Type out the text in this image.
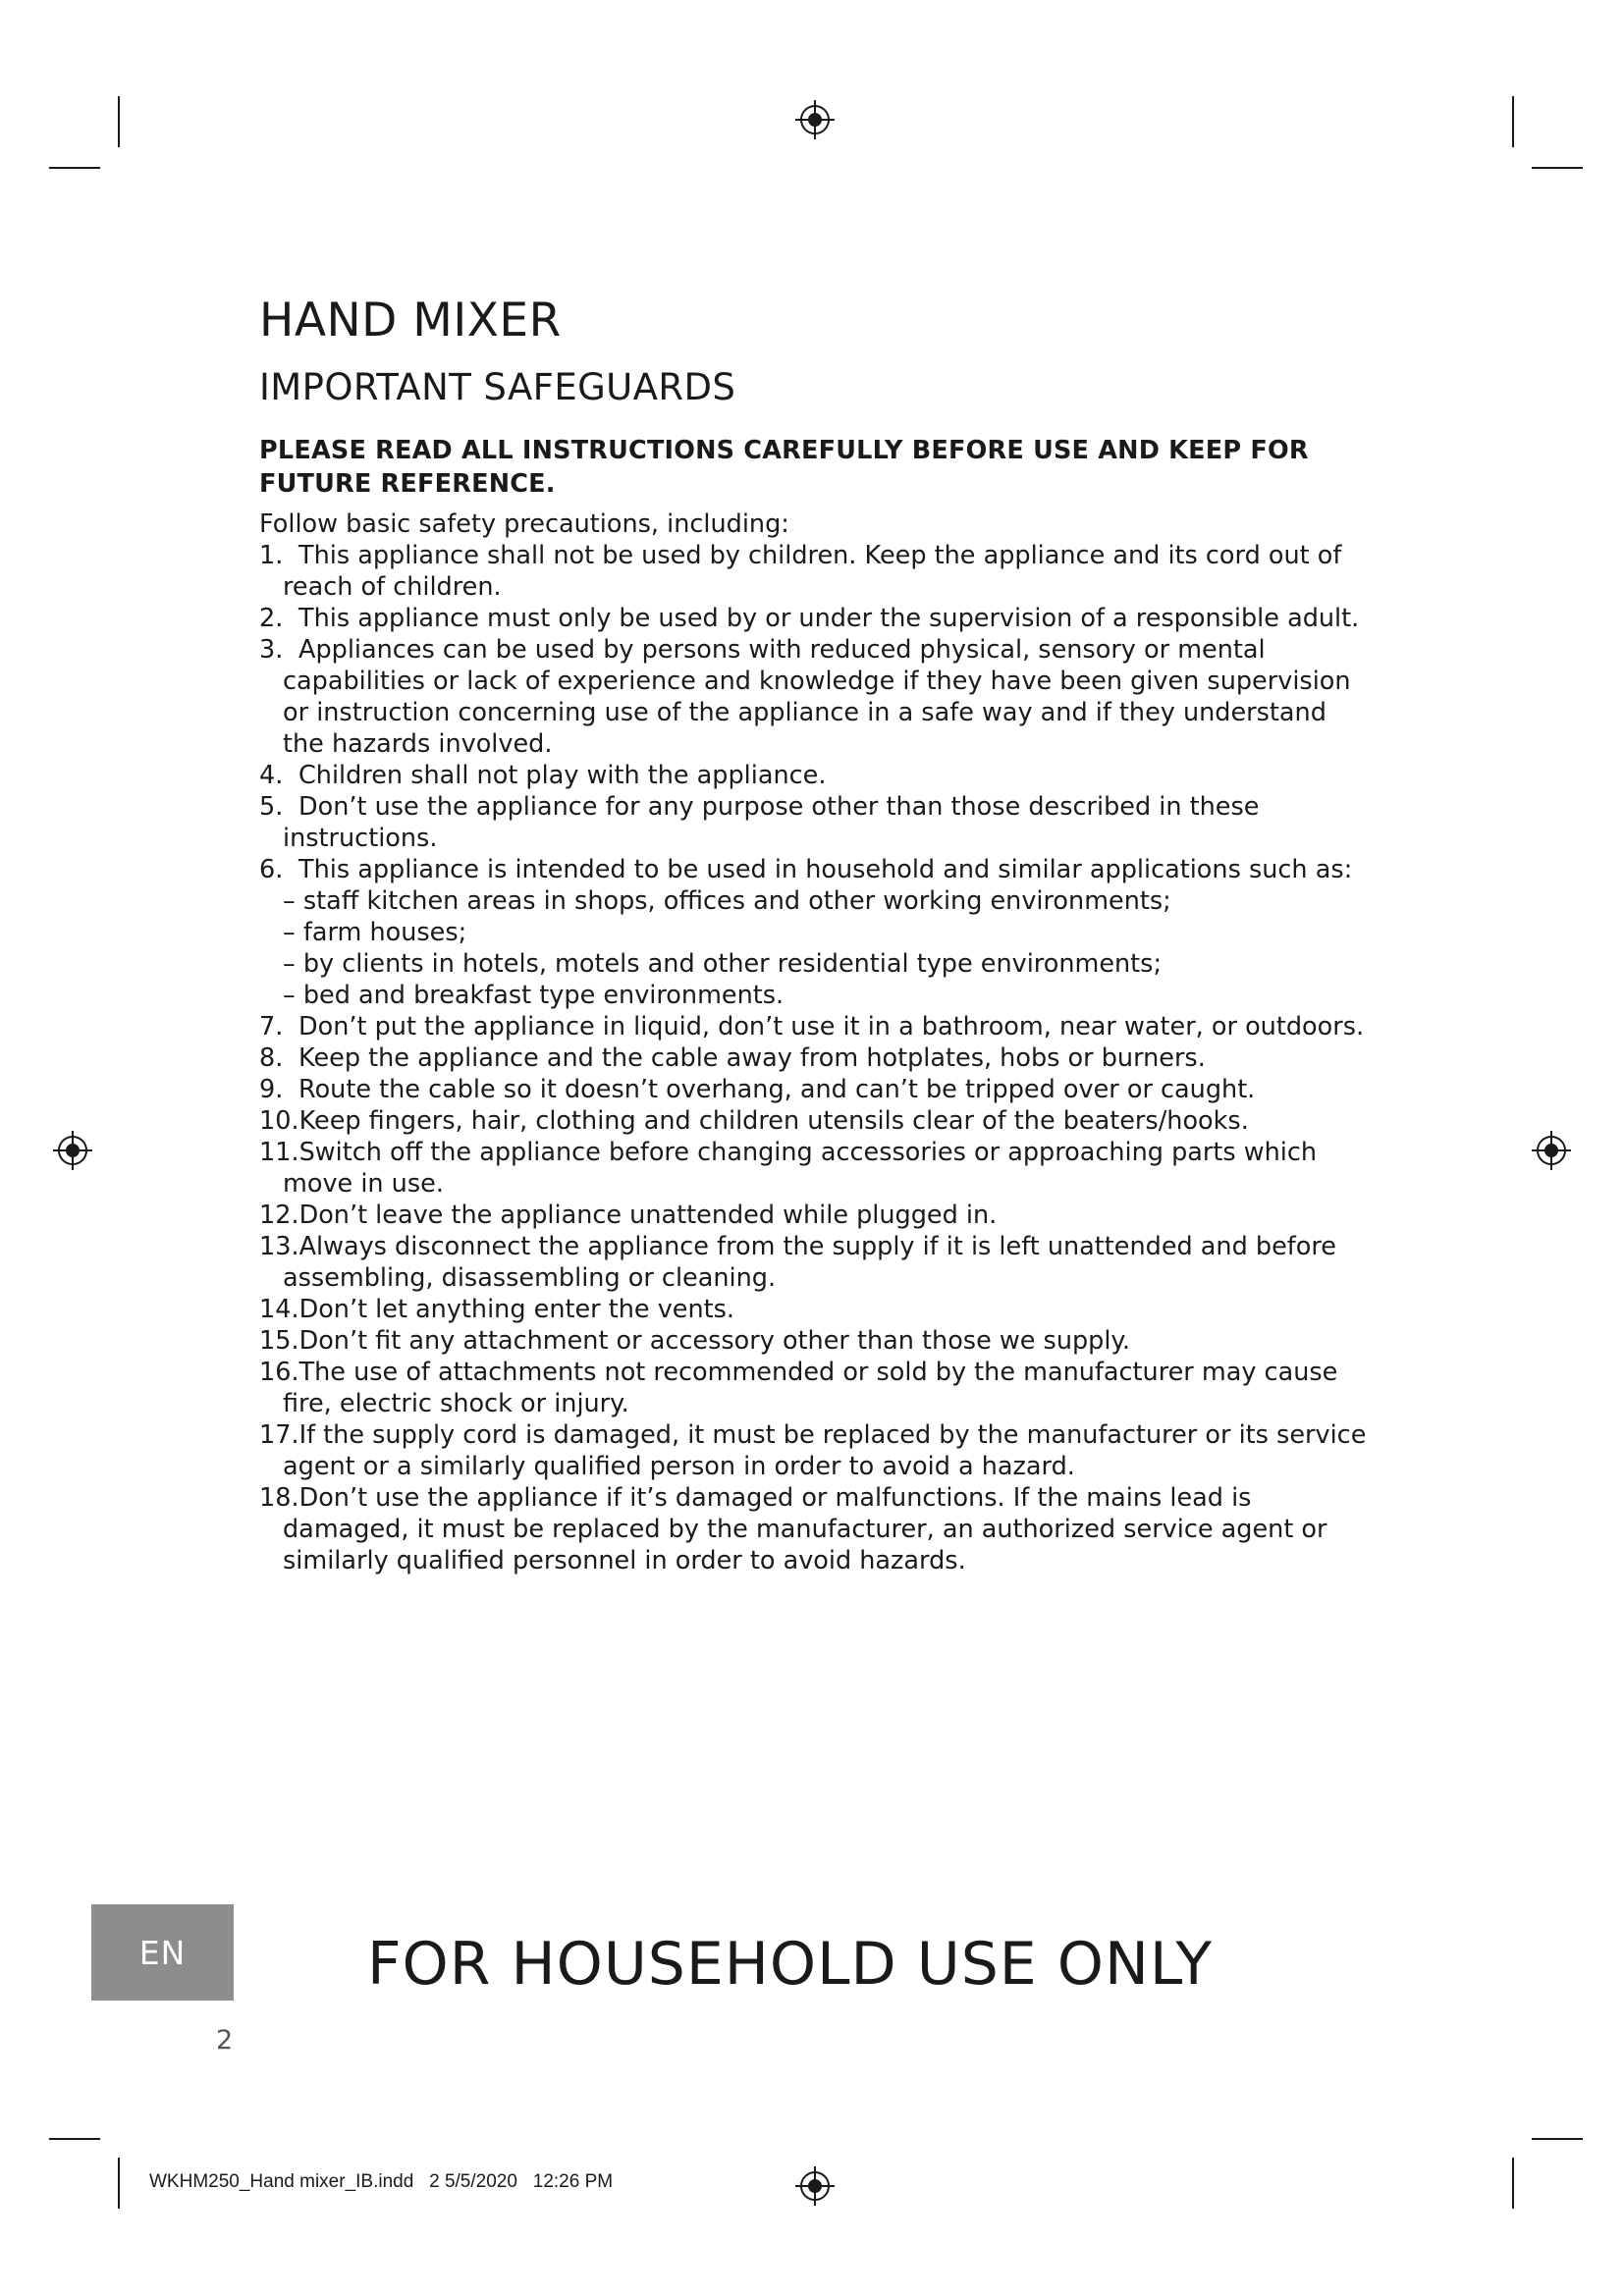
HAND MIXER
IMPORTANT SAFEGUARDS

PLEASE READ ALL INSTRUCTIONS CAREFULLY BEFORE USE AND KEEP FOR FUTURE REFERENCE.

Follow basic safety precautions, including:

1. This appliance shall not be used by children. Keep the appliance and its cord out of reach of children.
2. This appliance must only be used by or under the supervision of a responsible adult.
3. Appliances can be used by persons with reduced physical, sensory or mental capabilities or lack of experience and knowledge if they have been given supervision or instruction concerning use of the appliance in a safe way and if they understand the hazards involved.
4. Children shall not play with the appliance.
5. Don’t use the appliance for any purpose other than those described in these instructions.
6. This appliance is intended to be used in household and similar applications such as:
– staff kitchen areas in shops, offices and other working environments;
– farm houses;
– by clients in hotels, motels and other residential type environments;
– bed and breakfast type environments.
7. Don’t put the appliance in liquid, don’t use it in a bathroom, near water, or outdoors.
8. Keep the appliance and the cable away from hotplates, hobs or burners.
9. Route the cable so it doesn’t overhang, and can’t be tripped over or caught.
10.Keep fingers, hair, clothing and children utensils clear of the beaters/hooks.
11.Switch off the appliance before changing accessories or approaching parts which move in use.
12.Don’t leave the appliance unattended while plugged in.
13.Always disconnect the appliance from the supply if it is left unattended and before assembling, disassembling or cleaning.
14.Don’t let anything enter the vents.
15.Don’t fit any attachment or accessory other than those we supply.
16.The use of attachments not recommended or sold by the manufacturer may cause fire, electric shock or injury.
17.If the supply cord is damaged, it must be replaced by the manufacturer or its service agent or a similarly qualified person in order to avoid a hazard.
18.Don’t use the appliance if it’s damaged or malfunctions. If the mains lead is damaged, it must be replaced by the manufacturer, an authorized service agent or similarly qualified personnel in order to avoid hazards.
EN
2
FOR HOUSEHOLD USE ONLY
WKHM250_Hand mixer_IB.indd   2 5/5/2020   12:26 PM
